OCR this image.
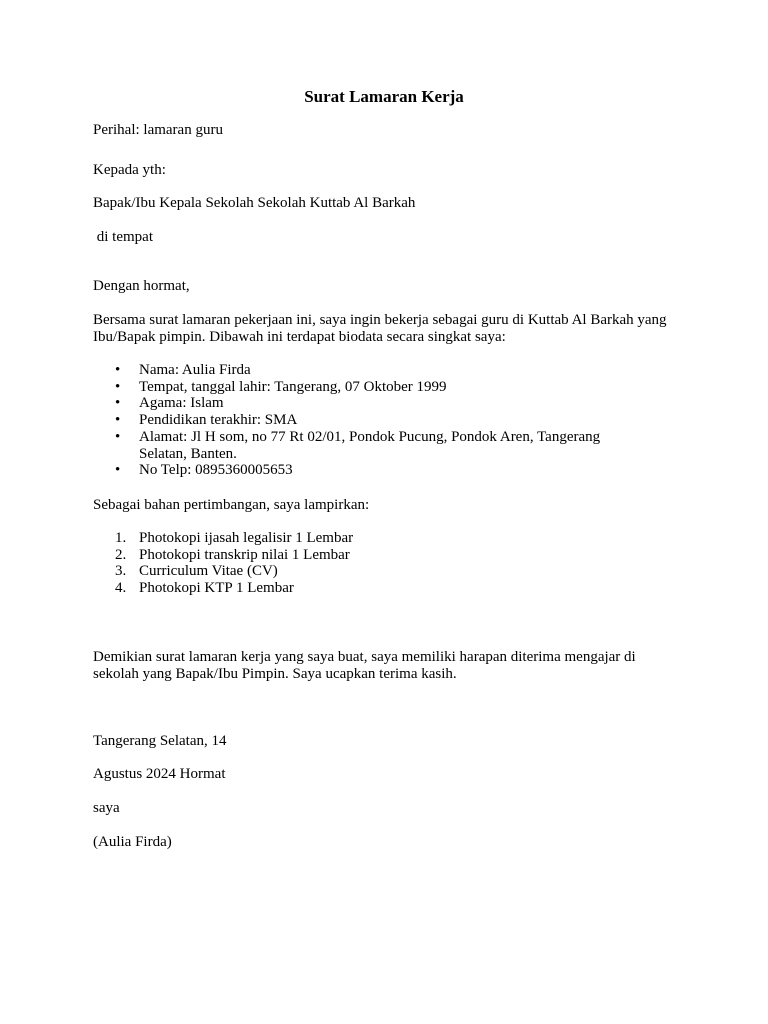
Surat Lamaran Kerja
Perihal: lamaran guru
Kepada yth:
Bapak/Ibu Kepala Sekolah Sekolah Kuttab Al Barkah
di tempat
Dengan hormat,
Bersama surat lamaran pekerjaan ini, saya ingin bekerja sebagai guru di Kuttab Al Barkah yang Ibu/Bapak pimpin. Dibawah ini terdapat biodata secara singkat saya:
• Nama: Aulia Firda
• Tempat, tanggal lahir: Tangerang, 07 Oktober 1999
• Agama: Islam
• Pendidikan terakhir: SMA
• Alamat: Jl H som, no 77 Rt 02/01, Pondok Pucung, Pondok Aren, Tangerang Selatan, Banten.
• No Telp: 0895360005653
Sebagai bahan pertimbangan, saya lampirkan:
1. Photokopi ijasah legalisir 1 Lembar
2. Photokopi transkrip nilai 1 Lembar
3. Curriculum Vitae (CV)
4. Photokopi KTP 1 Lembar
Demikian surat lamaran kerja yang saya buat, saya memiliki harapan diterima mengajar di sekolah yang Bapak/Ibu Pimpin. Saya ucapkan terima kasih.
Tangerang Selatan, 14
Agustus 2024 Hormat
saya
(Aulia Firda)
